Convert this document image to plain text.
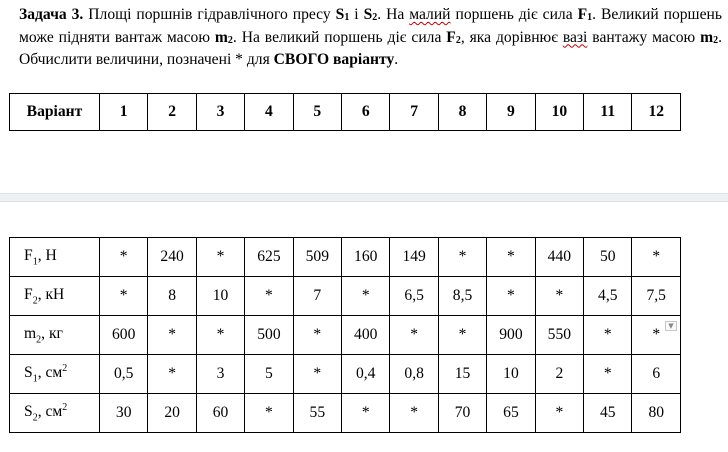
Задача 3. Площі поршнів гідравлічного пресу $S_1$ і $S_2$. На малий поршень діє сила $F_1$. Великий поршень може підняти вантаж масою $m_2$. На великий поршень діє сила $F_2$, яка дорівнює вазі вантажу масою $m_2$. Обчислити величини, позначені * для СВОГО варіанту.
Варіант	1	2	3	4	5	6	7	8	9	10	11	12
$F_1$, Н	*	240	*	625	509	160	149	*	*	440	50	*
$F_2$, кН	*	8	10	*	7	*	6,5	8,5	*	*	4,5	7,5
$m_2$, кг	600	*	*	500	*	400	*	*	900	550	*	*
$S_1$, $см^2$	0,5	*	3	5	*	0,4	0,8	15	10	2	*	6
$S_2$, $см^2$	30	20	60	*	55	*	*	70	65	*	45	80
▼
